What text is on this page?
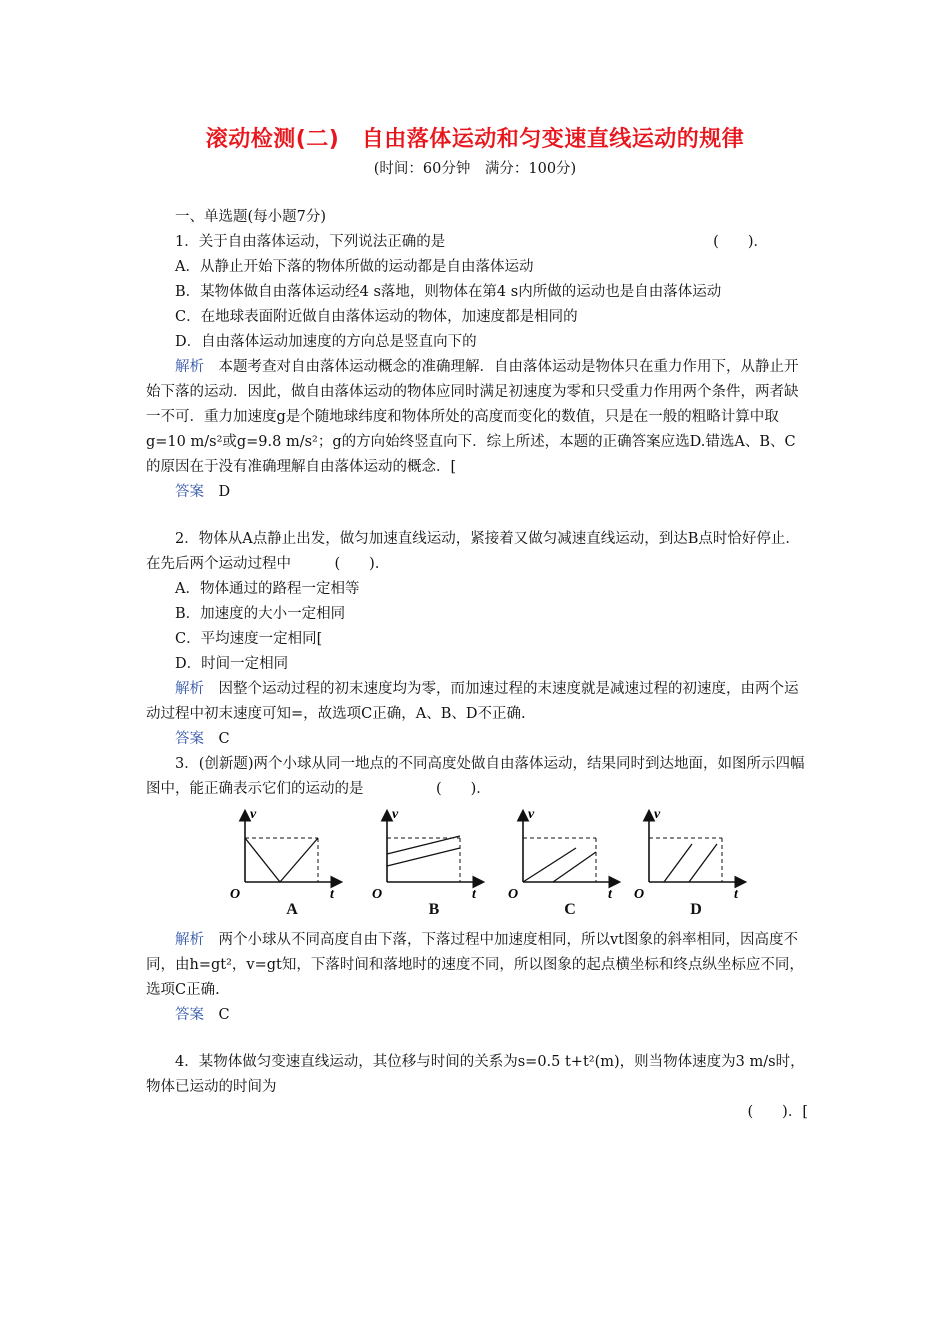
滚动检测(二)　自由落体运动和匀变速直线运动的规律
(时间：60分钟　满分：100分)

一、单选题(每小题7分)

1．关于自由落体运动，下列说法正确的是	(　　)．

A．从静止开始下落的物体所做的运动都是自由落体运动

B．某物体做自由落体运动经4 s落地，则物体在第4 s内所做的运动也是自由落体运动

C．在地球表面附近做自由落体运动的物体，加速度都是相同的

D．自由落体运动加速度的方向总是竖直向下的

解析　 本题考查对自由落体运动概念的准确理解．自由落体运动是物体只在重力作用下，从静止开始下落的运动．因此，做自由落体运动的物体应同时满足初速度为零和只受重力作用两个条件，两者缺一不可．重力加速度g是个随地球纬度和物体所处的高度而变化的数值，只是在一般的粗略计算中取g=10 m/s²或g=9.8 m/s²；g的方向始终竖直向下．综上所述，本题的正确答案应选D.错选A、B、C的原因在于没有准确理解自由落体运动的概念．[

答案　 D

2．物体从A点静止出发，做匀加速直线运动，紧接着又做匀减速直线运动，到达B点时恰好停止．在先后两个运动过程中　　　(　　)．

A．物体通过的路程一定相等

B．加速度的大小一定相同

C．平均速度一定相同[

D．时间一定相同

解析　 因整个运动过程的初末速度均为零，而加速过程的末速度就是减速过程的初速度，由两个运动过程中初末速度可知=，故选项C正确，A、B、D不正确.

答案　 C

3．(创新题)两个小球从同一地点的不同高度处做自由落体运动，结果同时到达地面，如图所示四幅图中，能正确表示它们的运动的是　　　　　(　　)．

v
t
O
A
v
t
O
B
v
t
O
C
v
t
O
D

解析　 两个小球从不同高度自由下落，下落过程中加速度相同，所以vt图象的斜率相同，因高度不同，由h=gt²，v=gt知，下落时间和落地时的速度不同，所以图象的起点横坐标和终点纵坐标应不同，选项C正确.

答案　 C

4．某物体做匀变速直线运动，其位移与时间的关系为s=0.5 t+t²(m)，则当物体速度为3 m/s时，物体已运动的时间为

(　　)．[
